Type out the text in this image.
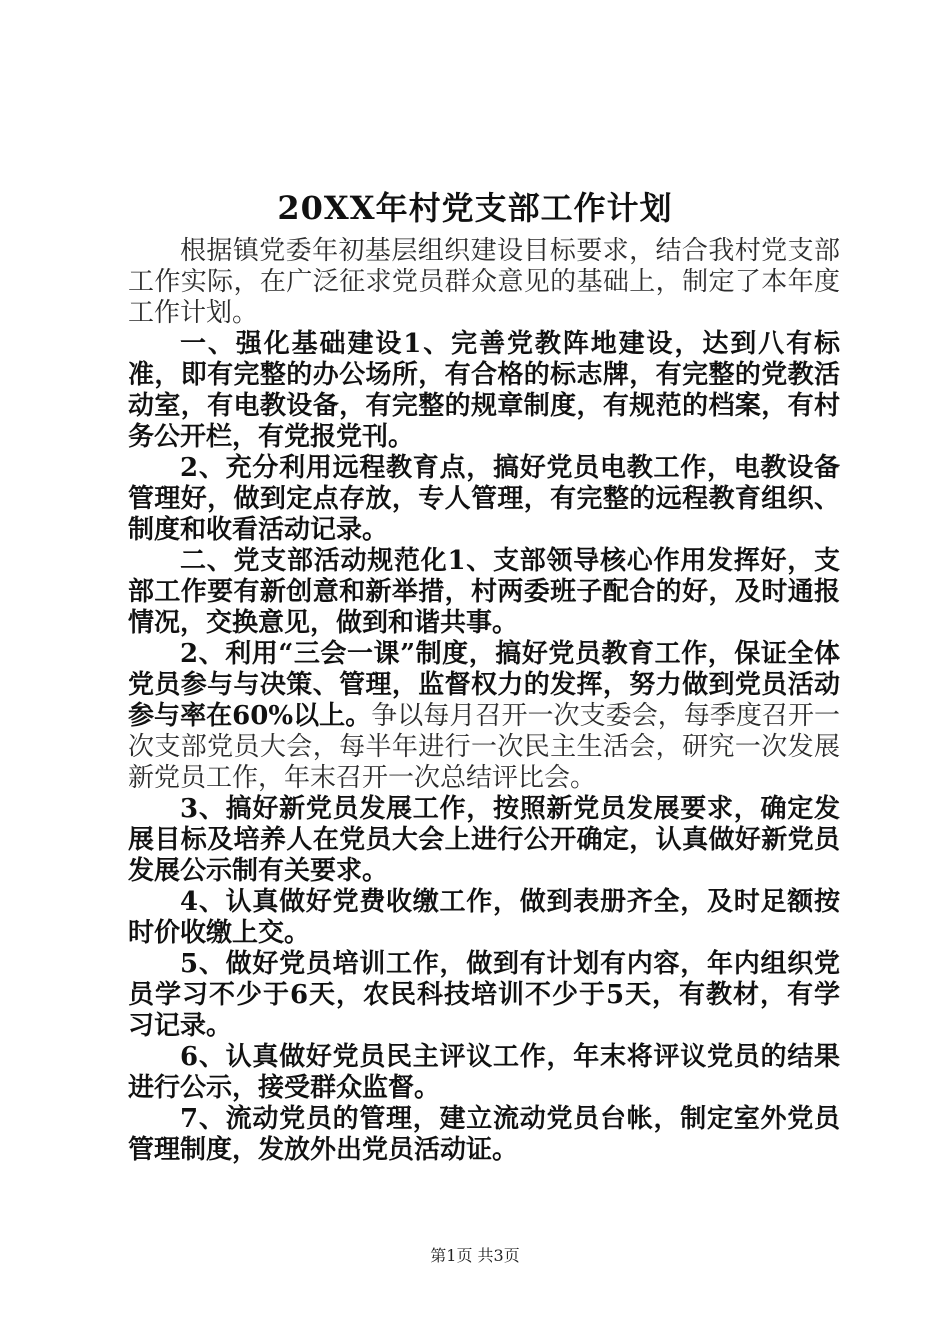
20XX年村党支部工作计划

根据镇党委年初基层组织建设目标要求，结合我村党支部工作实际，在广泛征求党员群众意见的基础上，制定了本年度工作计划。

一、强化基础建设1、完善党教阵地建设，达到八有标准，即有完整的办公场所，有合格的标志牌，有完整的党教活动室，有电教设备，有完整的规章制度，有规范的档案，有村务公开栏，有党报党刊。

2、充分利用远程教育点，搞好党员电教工作，电教设备管理好，做到定点存放，专人管理，有完整的远程教育组织、制度和收看活动记录。

二、党支部活动规范化1、支部领导核心作用发挥好，支部工作要有新创意和新举措，村两委班子配合的好，及时通报情况，交换意见，做到和谐共事。

2、利用“三会一课”制度，搞好党员教育工作，保证全体党员参与与决策、管理，监督权力的发挥，努力做到党员活动参与率在60%以上。争以每月召开一次支委会，每季度召开一次支部党员大会，每半年进行一次民主生活会，研究一次发展新党员工作，年末召开一次总结评比会。

3、搞好新党员发展工作，按照新党员发展要求，确定发展目标及培养人在党员大会上进行公开确定，认真做好新党员发展公示制有关要求。

4、认真做好党费收缴工作，做到表册齐全，及时足额按时价收缴上交。

5、做好党员培训工作，做到有计划有内容，年内组织党员学习不少于6天，农民科技培训不少于5天，有教材，有学习记录。

6、认真做好党员民主评议工作，年末将评议党员的结果进行公示，接受群众监督。

7、流动党员的管理，建立流动党员台帐，制定室外党员管理制度，发放外出党员活动证。

第1页 共3页
